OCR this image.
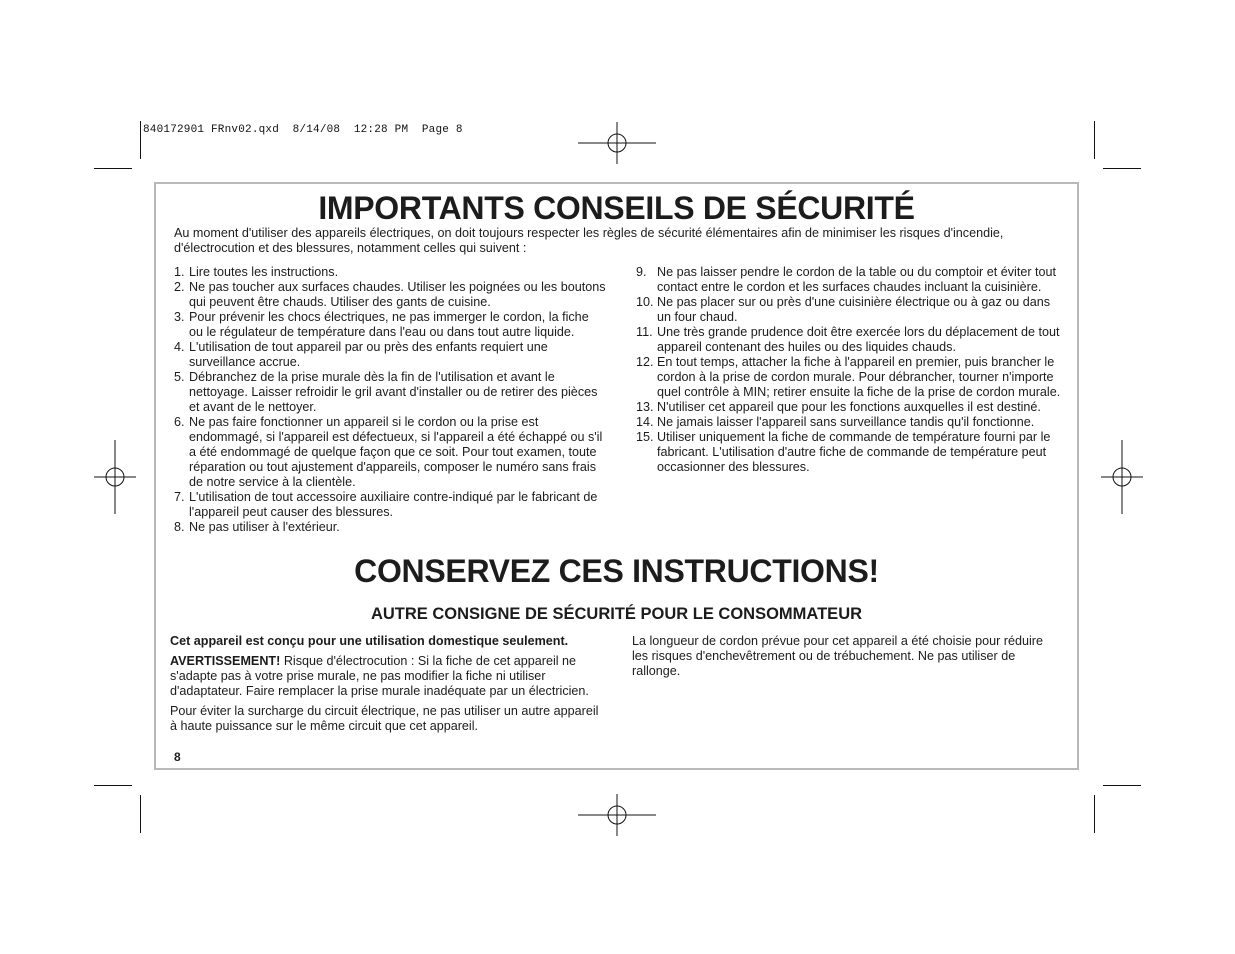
840172901 FRnv02.qxd  8/14/08  12:28 PM  Page 8
IMPORTANTS CONSEILS DE SÉCURITÉ
Au moment d'utiliser des appareils électriques, on doit toujours respecter les règles de sécurité élémentaires afin de minimiser les risques d'incendie, d'électrocution et des blessures, notamment celles qui suivent :
1. Lire toutes les instructions.
2. Ne pas toucher aux surfaces chaudes. Utiliser les poignées ou les boutons qui peuvent être chauds. Utiliser des gants de cuisine.
3. Pour prévenir les chocs électriques, ne pas immerger le cordon, la fiche ou le régulateur de température dans l'eau ou dans tout autre liquide.
4. L'utilisation de tout appareil par ou près des enfants requiert une surveillance accrue.
5. Débranchez de la prise murale dès la fin de l'utilisation et avant le nettoyage. Laisser refroidir le gril avant d'installer ou de retirer des pièces et avant de le nettoyer.
6. Ne pas faire fonctionner un appareil si le cordon ou la prise est endommagé, si l'appareil est défectueux, si l'appareil a été échappé ou s'il a été endommagé de quelque façon que ce soit. Pour tout examen, toute réparation ou tout ajustement d'appareils, composer le numéro sans frais de notre service à la clientèle.
7. L'utilisation de tout accessoire auxiliaire contre-indiqué par le fabricant de l'appareil peut causer des blessures.
8. Ne pas utiliser à l'extérieur.
9. Ne pas laisser pendre le cordon de la table ou du comptoir et éviter tout contact entre le cordon et les surfaces chaudes incluant la cuisinière.
10. Ne pas placer sur ou près d'une cuisinière électrique ou à gaz ou dans un four chaud.
11. Une très grande prudence doit être exercée lors du déplacement de tout appareil contenant des huiles ou des liquides chauds.
12. En tout temps, attacher la fiche à l'appareil en premier, puis brancher le cordon à la prise de cordon murale. Pour débrancher, tourner n'importe quel contrôle à MIN; retirer ensuite la fiche de la prise de cordon murale.
13. N'utiliser cet appareil que pour les fonctions auxquelles il est destiné.
14. Ne jamais laisser l'appareil sans surveillance tandis qu'il fonctionne.
15. Utiliser uniquement la fiche de commande de température fourni par le fabricant. L'utilisation d'autre fiche de commande de température peut occasionner des blessures.
CONSERVEZ CES INSTRUCTIONS!
AUTRE CONSIGNE DE SÉCURITÉ POUR LE CONSOMMATEUR

Cet appareil est conçu pour une utilisation domestique seulement.

AVERTISSEMENT! Risque d'électrocution : Si la fiche de cet appareil ne s'adapte pas à votre prise murale, ne pas modifier la fiche ni utiliser d'adaptateur. Faire remplacer la prise murale inadéquate par un électricien.

Pour éviter la surcharge du circuit électrique, ne pas utiliser un autre appareil à haute puissance sur le même circuit que cet appareil.

La longueur de cordon prévue pour cet appareil a été choisie pour réduire les risques d'enchevêtrement ou de trébuchement. Ne pas utiliser de rallonge.

8
